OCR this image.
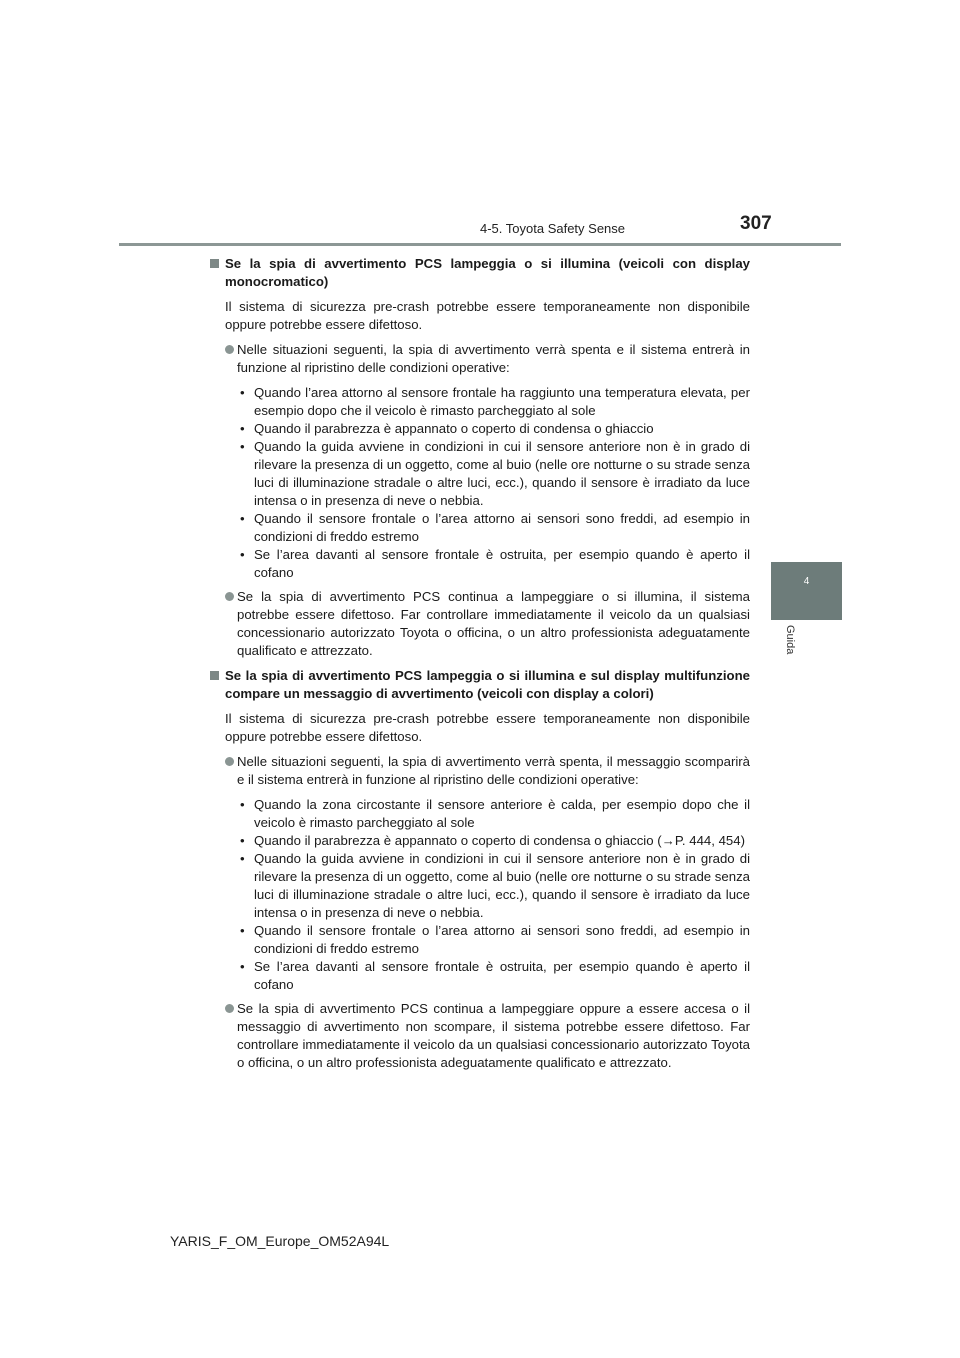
4-5. Toyota Safety Sense	307
4
Guida
Se la spia di avvertimento PCS lampeggia o si illumina (veicoli con display monocromatico)
Il sistema di sicurezza pre-crash potrebbe essere temporaneamente non disponibile oppure potrebbe essere difettoso.
Nelle situazioni seguenti, la spia di avvertimento verrà spenta e il sistema entrerà in funzione al ripristino delle condizioni operative:
• Quando l’area attorno al sensore frontale ha raggiunto una temperatura elevata, per esempio dopo che il veicolo è rimasto parcheggiato al sole
• Quando il parabrezza è appannato o coperto di condensa o ghiaccio
• Quando la guida avviene in condizioni in cui il sensore anteriore non è in grado di rilevare la presenza di un oggetto, come al buio (nelle ore notturne o su strade senza luci di illuminazione stradale o altre luci, ecc.), quando il sensore è irradiato da luce intensa o in presenza di neve o nebbia.
• Quando il sensore frontale o l’area attorno ai sensori sono freddi, ad esempio in condizioni di freddo estremo
• Se l’area davanti al sensore frontale è ostruita, per esempio quando è aperto il cofano
Se la spia di avvertimento PCS continua a lampeggiare o si illumina, il sistema potrebbe essere difettoso. Far controllare immediatamente il veicolo da un qualsiasi concessionario autorizzato Toyota o officina, o un altro professionista adeguatamente qualificato e attrezzato.
Se la spia di avvertimento PCS lampeggia o si illumina e sul display multifunzione compare un messaggio di avvertimento (veicoli con display a colori)
Il sistema di sicurezza pre-crash potrebbe essere temporaneamente non disponibile oppure potrebbe essere difettoso.
Nelle situazioni seguenti, la spia di avvertimento verrà spenta, il messaggio scomparirà e il sistema entrerà in funzione al ripristino delle condizioni operative:
• Quando la zona circostante il sensore anteriore è calda, per esempio dopo che il veicolo è rimasto parcheggiato al sole
• Quando il parabrezza è appannato o coperto di condensa o ghiaccio (→P. 444, 454)
• Quando la guida avviene in condizioni in cui il sensore anteriore non è in grado di rilevare la presenza di un oggetto, come al buio (nelle ore notturne o su strade senza luci di illuminazione stradale o altre luci, ecc.), quando il sensore è irradiato da luce intensa o in presenza di neve o nebbia.
• Quando il sensore frontale o l’area attorno ai sensori sono freddi, ad esempio in condizioni di freddo estremo
• Se l’area davanti al sensore frontale è ostruita, per esempio quando è aperto il cofano
Se la spia di avvertimento PCS continua a lampeggiare oppure a essere accesa o il messaggio di avvertimento non scompare, il sistema potrebbe essere difettoso. Far controllare immediatamente il veicolo da un qualsiasi concessionario autorizzato Toyota o officina, o un altro professionista adeguatamente qualificato e attrezzato.
YARIS_F_OM_Europe_OM52A94L
